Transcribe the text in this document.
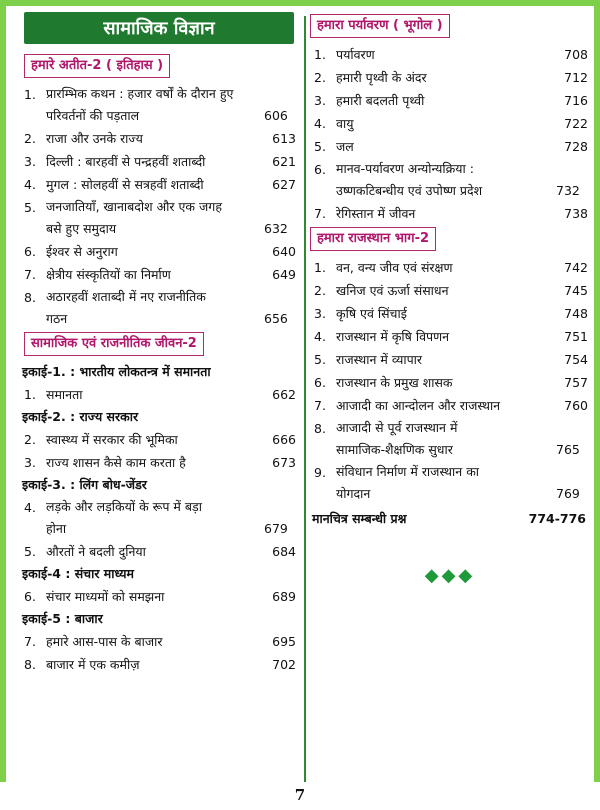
सामाजिक विज्ञान
हमारे अतीत-2 ( इतिहास )
1. प्रारम्भिक कथन : हजार वर्षों के दौरान हुए
परिवर्तनों की पड़ताल	606
2. राजा और उनके राज्य	613
3. दिल्ली : बारहवीं से पन्द्रहवीं शताब्दी	621
4. मुगल : सोलहवीं से सत्रहवीं शताब्दी	627
5. जनजातियाँ, खानाबदोश और एक जगह
बसे हुए समुदाय	632
6. ईश्वर से अनुराग	640
7. क्षेत्रीय संस्कृतियों का निर्माण	649
8. अठारहवीं शताब्दी में नए राजनीतिक
गठन	656
सामाजिक एवं राजनीतिक जीवन-2
इकाई-1. : भारतीय लोकतन्त्र में समानता
1. समानता	662
इकाई-2. : राज्य सरकार
2. स्वास्थ्य में सरकार की भूमिका	666
3. राज्य शासन कैसे काम करता है	673
इकाई-3. : लिंग बोध-जेंडर
4. लड़के और लड़कियों के रूप में बड़ा
होना	679
5. औरतों ने बदली दुनिया	684
इकाई-4 : संचार माध्यम
6. संचार माध्यमों को समझना	689
इकाई-5 : बाजार
7. हमारे आस-पास के बाजार	695
8. बाजार में एक कमीज़	702
हमारा पर्यावरण ( भूगोल )
1. पर्यावरण	708
2. हमारी पृथ्वी के अंदर	712
3. हमारी बदलती पृथ्वी	716
4. वायु	722
5. जल	728
6. मानव-पर्यावरण अन्योन्यक्रिया :
उष्णकटिबन्धीय एवं उपोष्ण प्रदेश	732
7. रेगिस्तान में जीवन	738
हमारा राजस्थान भाग-2
1. वन, वन्य जीव एवं संरक्षण	742
2. खनिज एवं ऊर्जा संसाधन	745
3. कृषि एवं सिंचाई	748
4. राजस्थान में कृषि विपणन	751
5. राजस्थान में व्यापार	754
6. राजस्थान के प्रमुख शासक	757
7. आजादी का आन्दोलन और राजस्थान	760
8. आजादी से पूर्व राजस्थान में
सामाजिक-शैक्षणिक सुधार	765
9. संविधान निर्माण में राजस्थान का
योगदान	769
मानचित्र सम्बन्धी प्रश्न	774-776
◆◆◆
7
